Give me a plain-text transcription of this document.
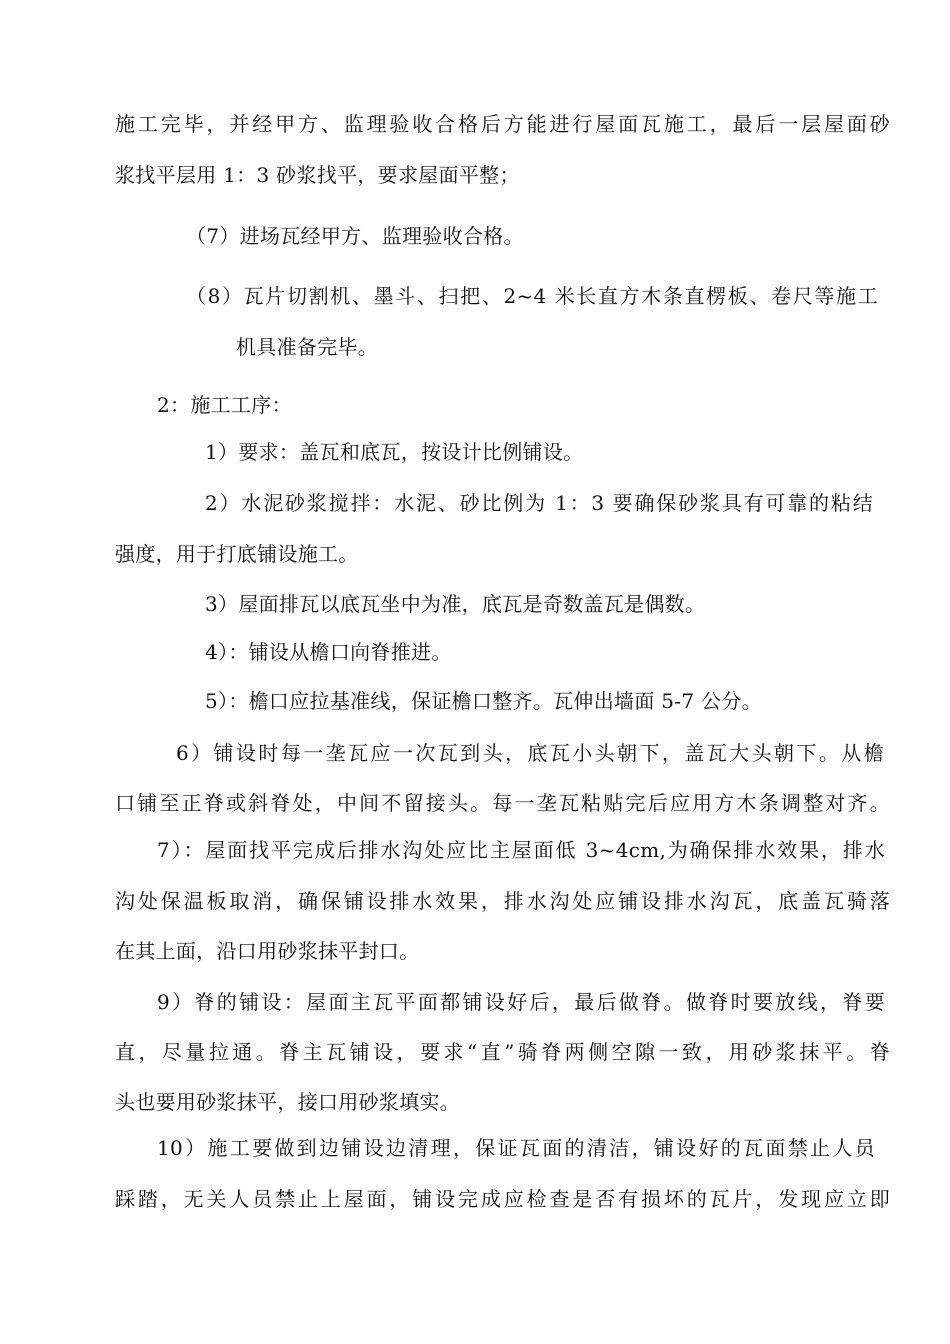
施工完毕，并经甲方、监理验收合格后方能进行屋面瓦施工，最后一层屋面砂
浆找平层用 1：3 砂浆找平，要求屋面平整；
（7）进场瓦经甲方、监理验收合格。
（8）瓦片切割机、墨斗、扫把、2~4 米长直方木条直楞板、卷尺等施工
机具准备完毕。
2：施工工序：
1）要求：盖瓦和底瓦，按设计比例铺设。
2）水泥砂浆搅拌：水泥、砂比例为 1：3 要确保砂浆具有可靠的粘结
强度，用于打底铺设施工。
3）屋面排瓦以底瓦坐中为准，底瓦是奇数盖瓦是偶数。
4）：铺设从檐口向脊推进。
5）：檐口应拉基准线，保证檐口整齐。瓦伸出墙面 5-7 公分。
6）铺设时每一垄瓦应一次瓦到头，底瓦小头朝下，盖瓦大头朝下。从檐
口铺至正脊或斜脊处，中间不留接头。每一垄瓦粘贴完后应用方木条调整对齐。
7）：屋面找平完成后排水沟处应比主屋面低 3~4cm,为确保排水效果，排水
沟处保温板取消，确保铺设排水效果，排水沟处应铺设排水沟瓦，底盖瓦骑落
在其上面，沿口用砂浆抹平封口。
9）脊的铺设：屋面主瓦平面都铺设好后，最后做脊。做脊时要放线，脊要
直，尽量拉通。脊主瓦铺设，要求“直”骑脊两侧空隙一致，用砂浆抹平。脊
头也要用砂浆抹平，接口用砂浆填实。
10）施工要做到边铺设边清理，保证瓦面的清洁，铺设好的瓦面禁止人员
踩踏，无关人员禁止上屋面，铺设完成应检查是否有损坏的瓦片，发现应立即
